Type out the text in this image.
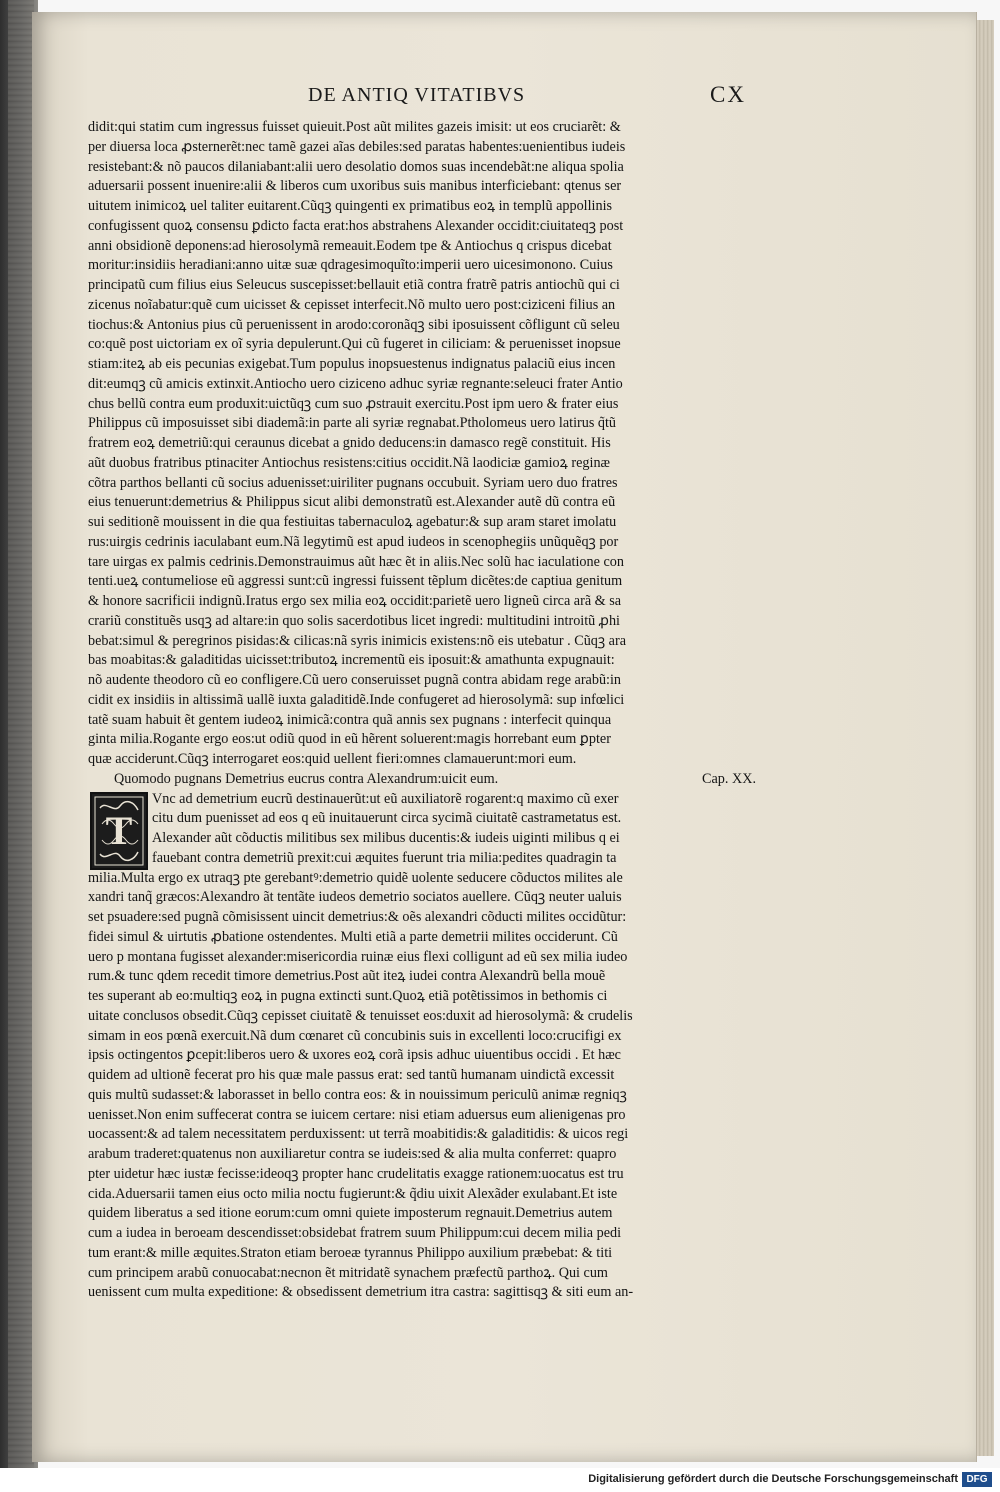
DE ANTIQ VITATIBVS	CX
didit:qui statim cum ingressus fuisset quieuit.Post aũt milites gazeis imisit: ut eos cruciarẽt: &
per diuersa loca ꝓsternerẽt:nec tamẽ gazei aĩas debiles:sed paratas habentes:uenientibus iudeis
resistebant:& nõ paucos dilaniabant:alii uero desolatio domos suas incendebãt:ne aliqua spolia
aduersarii possent inuenire:alii & liberos cum uxoribus suis manibus interficiebant: qtenus ser
uitutem inimicoꝝ uel taliter euitarent.Cũqꝫ quingenti ex primatibus eoꝝ in templũ appollinis
confugissent quoꝝ consensu ꝑdicto facta erat:hos abstrahens Alexander occidit:ciuitateqꝫ post
anni obsidionẽ deponens:ad hierosolymã remeauit.Eodem tpe & Antiochus q crispus dicebat
moritur:insidiis heradiani:anno uitæ suæ qdragesimoquĩto:imperii uero uicesimonono. Cuius
principatũ cum filius eius Seleucus suscepisset:bellauit etiã contra fratrẽ patris antiochũ qui ci
zicenus noĩabatur:quẽ cum uicisset & cepisset interfecit.Nõ multo uero post:ciziceni filius an
tiochus:& Antonius pius cũ peruenissent in arodo:coronãqꝫ sibi iposuissent cõfligunt cũ seleu
co:quẽ post uictoriam ex oĩ syria depulerunt.Qui cũ fugeret in ciliciam: & peruenisset inopsue
stiam:iteꝝ ab eis pecunias exigebat.Tum populus inopsuestenus indignatus palaciũ eius incen
dit:eumqꝫ cũ amicis extinxit.Antiocho uero ciziceno adhuc syriæ regnante:seleuci frater Antio
chus bellũ contra eum produxit:uictũqꝫ cum suo ꝓstrauit exercitu.Post ipm uero & frater eius
Philippus cũ imposuisset sibi diademã:in parte ali syriæ regnabat.Ptholomeus uero latirus q̃tũ
fratrem eoꝝ demetriũ:qui ceraunus dicebat a gnido deducens:in damasco regẽ constituit. His
aũt duobus fratribus ptinaciter Antiochus resistens:citius occidit.Nã laodiciæ gamioꝝ reginæ
cõtra parthos bellanti cũ socius aduenisset:uiriliter pugnans occubuit. Syriam uero duo fratres
eius tenuerunt:demetrius & Philippus sicut alibi demonstratũ est.Alexander autẽ dũ contra eũ
sui seditionẽ mouissent in die qua festiuitas tabernaculoꝝ agebatur:& sup aram staret imolatu
rus:uirgis cedrinis iaculabant eum.Nã legytimũ est apud iudeos in scenophegiis unũquẽqꝫ por
tare uirgas ex palmis cedrinis.Demonstrauimus aũt hæc ẽt in aliis.Nec solũ hac iaculatione con
tenti.ueꝝ contumeliose eũ aggressi sunt:cũ ingressi fuissent tẽplum dicẽtes:de captiua genitum
& honore sacrificii indignũ.Iratus ergo sex milia eoꝝ occidit:parietẽ uero ligneũ circa arã & sa
crariũ constituẽs usqꝫ ad altare:in quo solis sacerdotibus licet ingredi: multitudini introitũ ꝓhi
bebat:simul & peregrinos pisidas:& cilicas:nã syris inimicis existens:nõ eis utebatur . Cũqꝫ ara
bas moabitas:& galaditidas uicisset:tributoꝝ incrementũ eis iposuit:& amathunta expugnauit:
nõ audente theodoro cũ eo confligere.Cũ uero conseruisset pugnã contra abidam rege arabũ:in
cidit ex insidiis in altissimã uallẽ iuxta galaditidẽ.Inde confugeret ad hierosolymã: sup infœlici
tatẽ suam habuit ẽt gentem iudeoꝝ inimicã:contra quã annis sex pugnans : interfecit quinqua
ginta milia.Rogante ergo eos:ut odiũ quod in eũ hẽrent soluerent:magis horrebant eum ꝑpter
quæ acciderunt.Cũqꝫ interrogaret eos:quid uellent fieri:omnes clamauerunt:mori eum.
Quomodo pugnans Demetrius eucrus contra Alexandrum:uicit eum.	Cap. XX.
T
Vnc ad demetrium eucrũ destinauerũt:ut eũ auxiliatorẽ rogarent:q maximo cũ exer
citu dum puenisset ad eos q eũ inuitauerunt circa sycimã ciuitatẽ castrametatus est.
Alexander aũt cõductis militibus sex milibus ducentis:& iudeis uiginti milibus q ei
fauebant contra demetriũ prexit:cui æquites fuerunt tria milia:pedites quadragin ta
milia.Multa ergo ex utraqꝫ pte gerebantꝰ:demetrio quidẽ uolente seducere cõductos milites ale
xandri tanq̃ græcos:Alexandro ãt tentãte iudeos demetrio sociatos auellere. Cũqꝫ neuter ualuis
set psuadere:sed pugnã cõmisissent uincit demetrius:& oẽs alexandri cõducti milites occidũtur:
fidei simul & uirtutis ꝓbatione ostendentes. Multi etiã a parte demetrii milites occiderunt. Cũ
uero p montana fugisset alexander:misericordia ruinæ eius flexi colligunt ad eũ sex milia iudeo
rum.& tunc qdem recedit timore demetrius.Post aũt iteꝝ iudei contra Alexandrũ bella mouẽ
tes superant ab eo:multiqꝫ eoꝝ in pugna extincti sunt.Quoꝝ etiã potẽtissimos in bethomis ci
uitate conclusos obsedit.Cũqꝫ cepisset ciuitatẽ & tenuisset eos:duxit ad hierosolymã: & crudelis
simam in eos pœnã exercuit.Nã dum cœnaret cũ concubinis suis in excellenti loco:crucifigi ex
ipsis octingentos ꝑcepit:liberos uero & uxores eoꝝ corã ipsis adhuc uiuentibus occidi . Et hæc
quidem ad ultionẽ fecerat pro his quæ male passus erat: sed tantũ humanam uindictã excessit
quis multũ sudasset:& laborasset in bello contra eos: & in nouissimum periculũ animæ regniqꝫ
uenisset.Non enim suffecerat contra se iuicem certare: nisi etiam aduersus eum alienigenas pro
uocassent:& ad talem necessitatem perduxissent: ut terrã moabitidis:& galaditidis: & uicos regi
arabum traderet:quatenus non auxiliaretur contra se iudeis:sed & alia multa conferret: quapro
pter uidetur hæc iustæ fecisse:ideoqꝫ propter hanc crudelitatis exagge rationem:uocatus est tru
cida.Aduersarii tamen eius octo milia noctu fugierunt:& q̃diu uixit Alexãder exulabant.Et iste
quidem liberatus a sed itione eorum:cum omni quiete imposterum regnauit.Demetrius autem
cum a iudea in beroeam descendisset:obsidebat fratrem suum Philippum:cui decem milia pedi
tum erant:& mille æquites.Straton etiam beroeæ tyrannus Philippo auxilium præbebat: & titi
cum principem arabũ conuocabat:necnon ẽt mitridatẽ synachem præfectũ parthoꝝ. Qui cum
uenissent cum multa expeditione: & obsedissent demetrium itra castra: sagittisqꝫ & siti eum an-
Digitalisierung gefördert durch die Deutsche Forschungsgemeinschaft DFG
